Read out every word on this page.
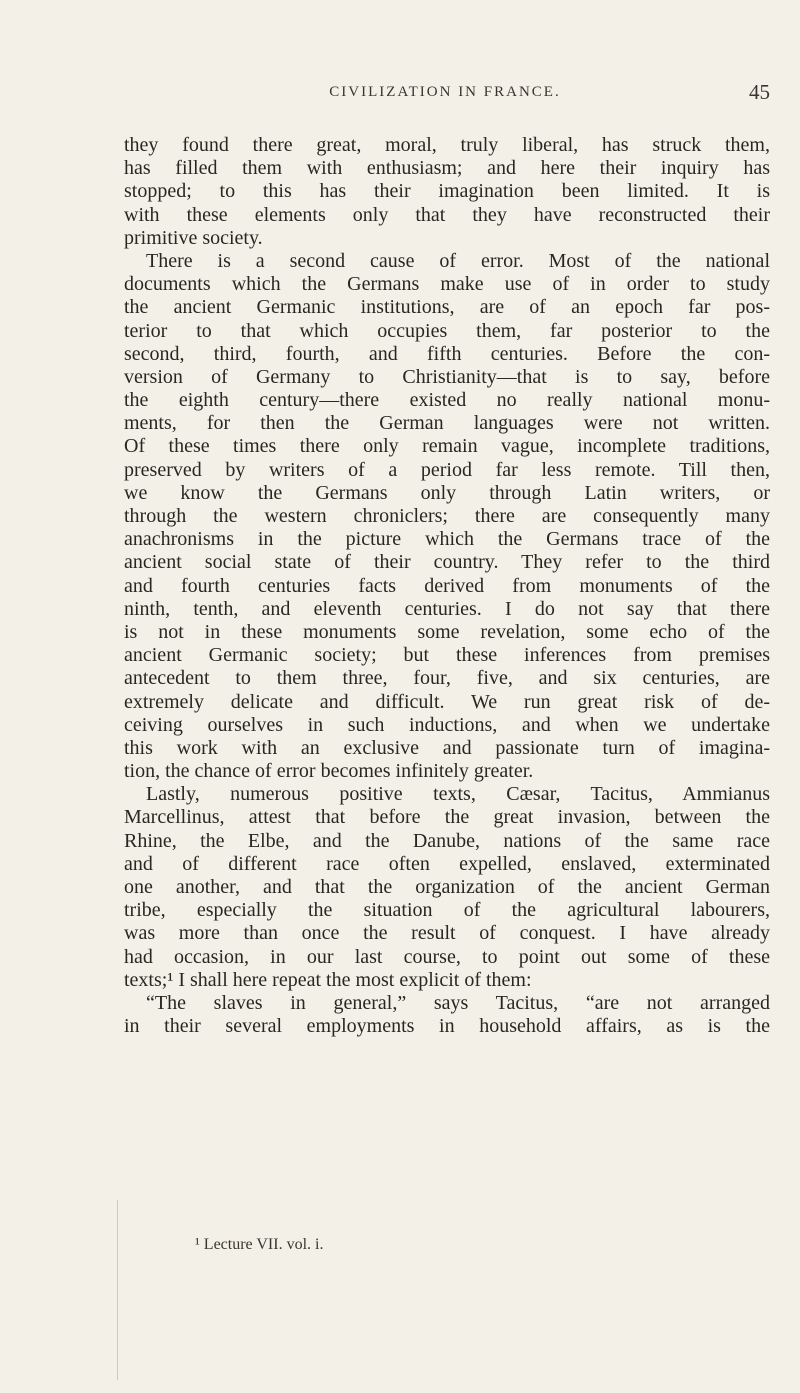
CIVILIZATION IN FRANCE.	45
they found there great, moral, truly liberal, has struck them,
has filled them with enthusiasm; and here their inquiry has
stopped; to this has their imagination been limited. It is
with these elements only that they have reconstructed their
primitive society.
There is a second cause of error. Most of the national
documents which the Germans make use of in order to study
the ancient Germanic institutions, are of an epoch far pos-
terior to that which occupies them, far posterior to the
second, third, fourth, and fifth centuries. Before the con-
version of Germany to Christianity—that is to say, before
the eighth century—there existed no really national monu-
ments, for then the German languages were not written.
Of these times there only remain vague, incomplete traditions,
preserved by writers of a period far less remote. Till then,
we know the Germans only through Latin writers, or
through the western chroniclers; there are consequently many
anachronisms in the picture which the Germans trace of the
ancient social state of their country. They refer to the third
and fourth centuries facts derived from monuments of the
ninth, tenth, and eleventh centuries. I do not say that there
is not in these monuments some revelation, some echo of the
ancient Germanic society; but these inferences from premises
antecedent to them three, four, five, and six centuries, are
extremely delicate and difficult. We run great risk of de-
ceiving ourselves in such inductions, and when we undertake
this work with an exclusive and passionate turn of imagina-
tion, the chance of error becomes infinitely greater.
Lastly, numerous positive texts, Cæsar, Tacitus, Ammianus
Marcellinus, attest that before the great invasion, between the
Rhine, the Elbe, and the Danube, nations of the same race
and of different race often expelled, enslaved, exterminated
one another, and that the organization of the ancient German
tribe, especially the situation of the agricultural labourers,
was more than once the result of conquest. I have already
had occasion, in our last course, to point out some of these
texts;¹ I shall here repeat the most explicit of them:
“The slaves in general,” says Tacitus, “are not arranged
in their several employments in household affairs, as is the
¹ Lecture VII. vol. i.
